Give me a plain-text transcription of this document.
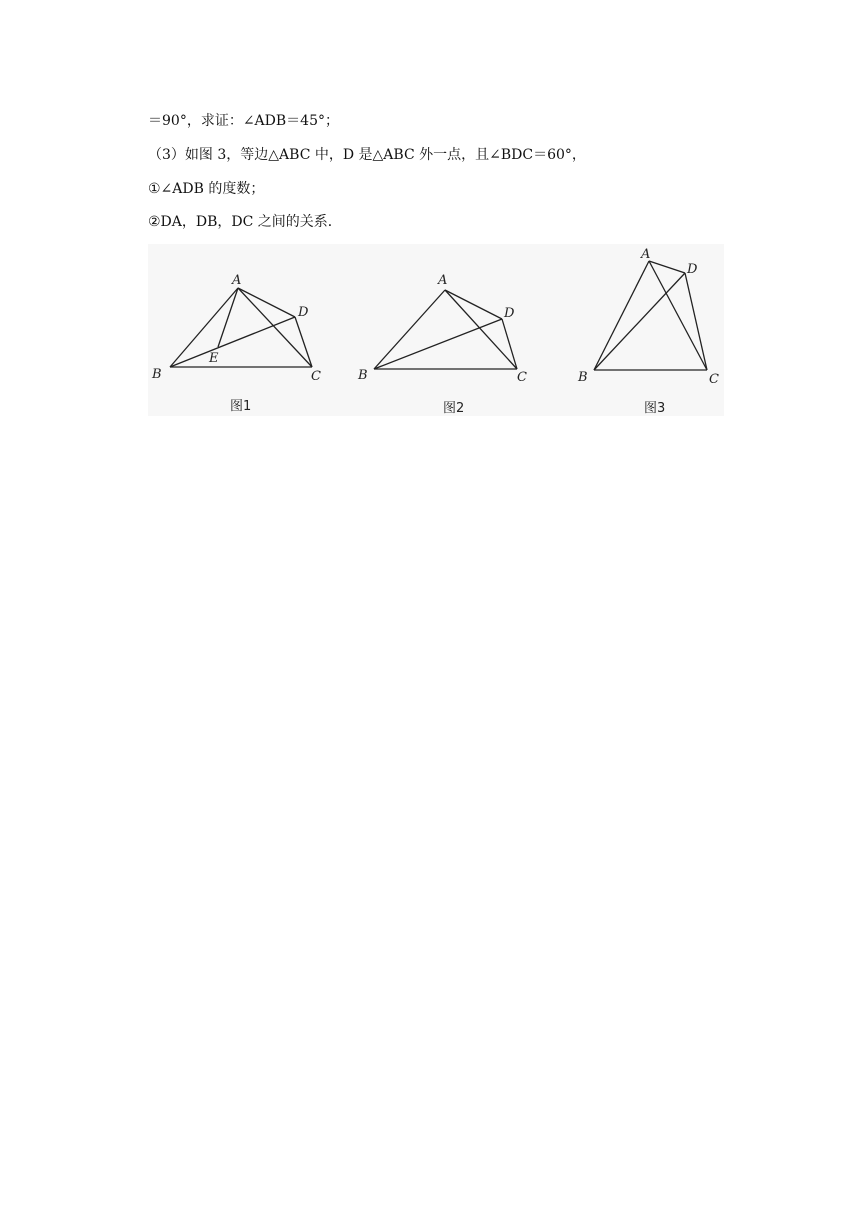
＝90°，求证：∠ADB＝45°；
（3）如图 3，等边△ABC 中，D 是△ABC 外一点，且∠BDC＝60°，
①∠ADB 的度数；
②DA，DB，DC 之间的关系．
A
B	C
D
E
图1
A
B	C
D
图2
A
B	C
D
图3
